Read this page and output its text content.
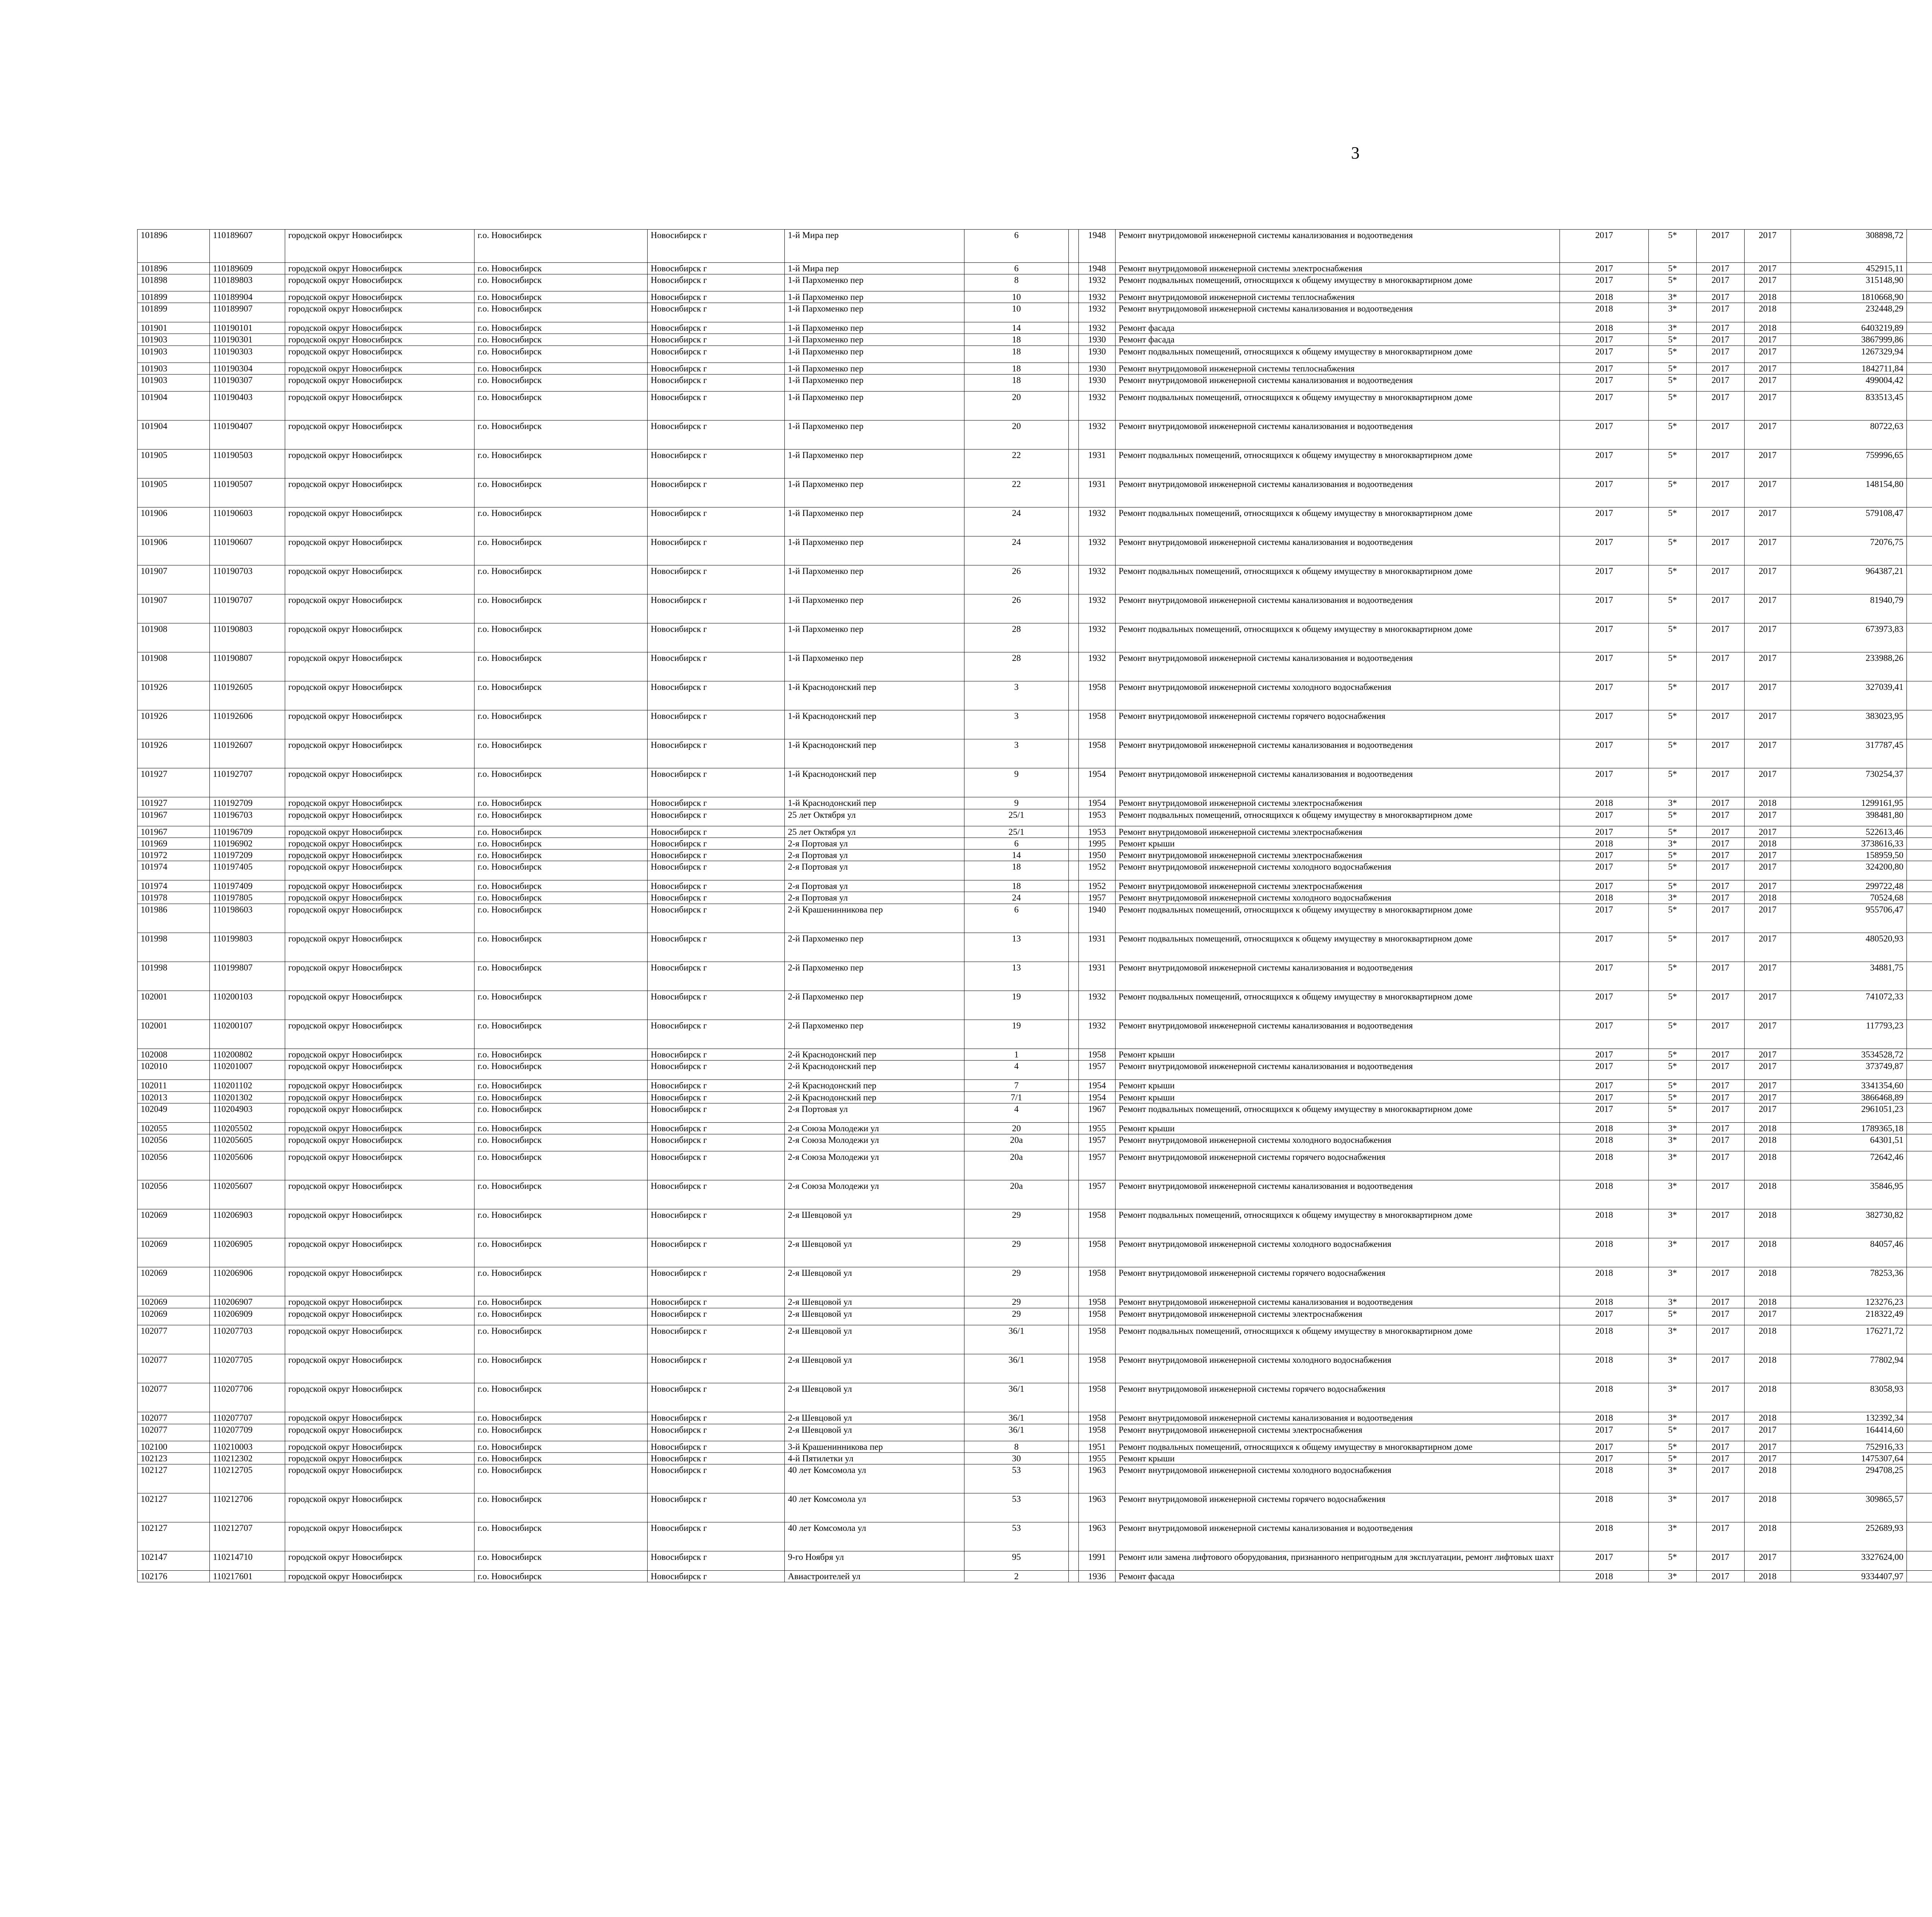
3
101896	110189607	городской округ Новосибирск	г.о. Новосибирск	Новосибирск г	1-й Мира пер	6		1948	Ремонт внутридомовой инженерной системы канализования и водоотведения	2017	5*	2017	2017	308898,72							
101896	110189609	городской округ Новосибирск	г.о. Новосибирск	Новосибирск г	1-й Мира пер	6		1948	Ремонт внутридомовой инженерной системы электроснабжения	2017	5*	2017	2017	452915,11							
101898	110189803	городской округ Новосибирск	г.о. Новосибирск	Новосибирск г	1-й Пархоменко пер	8		1932	Ремонт подвальных помещений, относящихся к общему имуществу в многоквартирном доме	2017	5*	2017	2017	315148,90							
101899	110189904	городской округ Новосибирск	г.о. Новосибирск	Новосибирск г	1-й Пархоменко пер	10		1932	Ремонт внутридомовой инженерной системы теплоснабжения	2018	3*	2017	2018	1810668,90							
101899	110189907	городской округ Новосибирск	г.о. Новосибирск	Новосибирск г	1-й Пархоменко пер	10		1932	Ремонт внутридомовой инженерной системы канализования и водоотведения	2018	3*	2017	2018	232448,29							
101901	110190101	городской округ Новосибирск	г.о. Новосибирск	Новосибирск г	1-й Пархоменко пер	14		1932	Ремонт фасада	2018	3*	2017	2018	6403219,89							
101903	110190301	городской округ Новосибирск	г.о. Новосибирск	Новосибирск г	1-й Пархоменко пер	18		1930	Ремонт фасада	2017	5*	2017	2017	3867999,86							
101903	110190303	городской округ Новосибирск	г.о. Новосибирск	Новосибирск г	1-й Пархоменко пер	18		1930	Ремонт подвальных помещений, относящихся к общему имуществу в многоквартирном доме	2017	5*	2017	2017	1267329,94							
101903	110190304	городской округ Новосибирск	г.о. Новосибирск	Новосибирск г	1-й Пархоменко пер	18		1930	Ремонт внутридомовой инженерной системы теплоснабжения	2017	5*	2017	2017	1842711,84							
101903	110190307	городской округ Новосибирск	г.о. Новосибирск	Новосибирск г	1-й Пархоменко пер	18		1930	Ремонт внутридомовой инженерной системы канализования и водоотведения	2017	5*	2017	2017	499004,42							
101904	110190403	городской округ Новосибирск	г.о. Новосибирск	Новосибирск г	1-й Пархоменко пер	20		1932	Ремонт подвальных помещений, относящихся к общему имуществу в многоквартирном доме	2017	5*	2017	2017	833513,45							
101904	110190407	городской округ Новосибирск	г.о. Новосибирск	Новосибирск г	1-й Пархоменко пер	20		1932	Ремонт внутридомовой инженерной системы канализования и водоотведения	2017	5*	2017	2017	80722,63							
101905	110190503	городской округ Новосибирск	г.о. Новосибирск	Новосибирск г	1-й Пархоменко пер	22		1931	Ремонт подвальных помещений, относящихся к общему имуществу в многоквартирном доме	2017	5*	2017	2017	759996,65							
101905	110190507	городской округ Новосибирск	г.о. Новосибирск	Новосибирск г	1-й Пархоменко пер	22		1931	Ремонт внутридомовой инженерной системы канализования и водоотведения	2017	5*	2017	2017	148154,80							
101906	110190603	городской округ Новосибирск	г.о. Новосибирск	Новосибирск г	1-й Пархоменко пер	24		1932	Ремонт подвальных помещений, относящихся к общему имуществу в многоквартирном доме	2017	5*	2017	2017	579108,47							
101906	110190607	городской округ Новосибирск	г.о. Новосибирск	Новосибирск г	1-й Пархоменко пер	24		1932	Ремонт внутридомовой инженерной системы канализования и водоотведения	2017	5*	2017	2017	72076,75							
101907	110190703	городской округ Новосибирск	г.о. Новосибирск	Новосибирск г	1-й Пархоменко пер	26		1932	Ремонт подвальных помещений, относящихся к общему имуществу в многоквартирном доме	2017	5*	2017	2017	964387,21							
101907	110190707	городской округ Новосибирск	г.о. Новосибирск	Новосибирск г	1-й Пархоменко пер	26		1932	Ремонт внутридомовой инженерной системы канализования и водоотведения	2017	5*	2017	2017	81940,79							
101908	110190803	городской округ Новосибирск	г.о. Новосибирск	Новосибирск г	1-й Пархоменко пер	28		1932	Ремонт подвальных помещений, относящихся к общему имуществу в многоквартирном доме	2017	5*	2017	2017	673973,83							
101908	110190807	городской округ Новосибирск	г.о. Новосибирск	Новосибирск г	1-й Пархоменко пер	28		1932	Ремонт внутридомовой инженерной системы канализования и водоотведения	2017	5*	2017	2017	233988,26							
101926	110192605	городской округ Новосибирск	г.о. Новосибирск	Новосибирск г	1-й Краснодонский пер	3		1958	Ремонт внутридомовой инженерной системы холодного водоснабжения	2017	5*	2017	2017	327039,41							
101926	110192606	городской округ Новосибирск	г.о. Новосибирск	Новосибирск г	1-й Краснодонский пер	3		1958	Ремонт внутридомовой инженерной системы горячего водоснабжения	2017	5*	2017	2017	383023,95							
101926	110192607	городской округ Новосибирск	г.о. Новосибирск	Новосибирск г	1-й Краснодонский пер	3		1958	Ремонт внутридомовой инженерной системы канализования и водоотведения	2017	5*	2017	2017	317787,45							
101927	110192707	городской округ Новосибирск	г.о. Новосибирск	Новосибирск г	1-й Краснодонский пер	9		1954	Ремонт внутридомовой инженерной системы канализования и водоотведения	2017	5*	2017	2017	730254,37							
101927	110192709	городской округ Новосибирск	г.о. Новосибирск	Новосибирск г	1-й Краснодонский пер	9		1954	Ремонт внутридомовой инженерной системы электроснабжения	2018	3*	2017	2018	1299161,95							
101967	110196703	городской округ Новосибирск	г.о. Новосибирск	Новосибирск г	25 лет Октября ул	25/1		1953	Ремонт подвальных помещений, относящихся к общему имуществу в многоквартирном доме	2017	5*	2017	2017	398481,80							
101967	110196709	городской округ Новосибирск	г.о. Новосибирск	Новосибирск г	25 лет Октября ул	25/1		1953	Ремонт внутридомовой инженерной системы электроснабжения	2017	5*	2017	2017	522613,46							
101969	110196902	городской округ Новосибирск	г.о. Новосибирск	Новосибирск г	2-я Портовая ул	6		1995	Ремонт крыши	2018	3*	2017	2018	3738616,33							
101972	110197209	городской округ Новосибирск	г.о. Новосибирск	Новосибирск г	2-я Портовая ул	14		1950	Ремонт внутридомовой инженерной системы электроснабжения	2017	5*	2017	2017	158959,50							
101974	110197405	городской округ Новосибирск	г.о. Новосибирск	Новосибирск г	2-я Портовая ул	18		1952	Ремонт внутридомовой инженерной системы холодного водоснабжения	2017	5*	2017	2017	324200,80							
101974	110197409	городской округ Новосибирск	г.о. Новосибирск	Новосибирск г	2-я Портовая ул	18		1952	Ремонт внутридомовой инженерной системы электроснабжения	2017	5*	2017	2017	299722,48							
101978	110197805	городской округ Новосибирск	г.о. Новосибирск	Новосибирск г	2-я Портовая ул	24		1957	Ремонт внутридомовой инженерной системы холодного водоснабжения	2018	3*	2017	2018	70524,68							
101986	110198603	городской округ Новосибирск	г.о. Новосибирск	Новосибирск г	2-й Крашенинникова пер	6		1940	Ремонт подвальных помещений, относящихся к общему имуществу в многоквартирном доме	2017	5*	2017	2017	955706,47							
101998	110199803	городской округ Новосибирск	г.о. Новосибирск	Новосибирск г	2-й Пархоменко пер	13		1931	Ремонт подвальных помещений, относящихся к общему имуществу в многоквартирном доме	2017	5*	2017	2017	480520,93							
101998	110199807	городской округ Новосибирск	г.о. Новосибирск	Новосибирск г	2-й Пархоменко пер	13		1931	Ремонт внутридомовой инженерной системы канализования и водоотведения	2017	5*	2017	2017	34881,75							
102001	110200103	городской округ Новосибирск	г.о. Новосибирск	Новосибирск г	2-й Пархоменко пер	19		1932	Ремонт подвальных помещений, относящихся к общему имуществу в многоквартирном доме	2017	5*	2017	2017	741072,33							
102001	110200107	городской округ Новосибирск	г.о. Новосибирск	Новосибирск г	2-й Пархоменко пер	19		1932	Ремонт внутридомовой инженерной системы канализования и водоотведения	2017	5*	2017	2017	117793,23							
102008	110200802	городской округ Новосибирск	г.о. Новосибирск	Новосибирск г	2-й Краснодонский пер	1		1958	Ремонт крыши	2017	5*	2017	2017	3534528,72							
102010	110201007	городской округ Новосибирск	г.о. Новосибирск	Новосибирск г	2-й Краснодонский пер	4		1957	Ремонт внутридомовой инженерной системы канализования и водоотведения	2017	5*	2017	2017	373749,87							
102011	110201102	городской округ Новосибирск	г.о. Новосибирск	Новосибирск г	2-й Краснодонский пер	7		1954	Ремонт крыши	2017	5*	2017	2017	3341354,60							
102013	110201302	городской округ Новосибирск	г.о. Новосибирск	Новосибирск г	2-й Краснодонский пер	7/1		1954	Ремонт крыши	2017	5*	2017	2017	3866468,89							
102049	110204903	городской округ Новосибирск	г.о. Новосибирск	Новосибирск г	2-я Портовая ул	4		1967	Ремонт подвальных помещений, относящихся к общему имуществу в многоквартирном доме	2017	5*	2017	2017	2961051,23							
102055	110205502	городской округ Новосибирск	г.о. Новосибирск	Новосибирск г	2-я Союза Молодежи ул	20		1955	Ремонт крыши	2018	3*	2017	2018	1789365,18							
102056	110205605	городской округ Новосибирск	г.о. Новосибирск	Новосибирск г	2-я Союза Молодежи ул	20а		1957	Ремонт внутридомовой инженерной системы холодного водоснабжения	2018	3*	2017	2018	64301,51							
102056	110205606	городской округ Новосибирск	г.о. Новосибирск	Новосибирск г	2-я Союза Молодежи ул	20а		1957	Ремонт внутридомовой инженерной системы горячего водоснабжения	2018	3*	2017	2018	72642,46							
102056	110205607	городской округ Новосибирск	г.о. Новосибирск	Новосибирск г	2-я Союза Молодежи ул	20а		1957	Ремонт внутридомовой инженерной системы канализования и водоотведения	2018	3*	2017	2018	35846,95							
102069	110206903	городской округ Новосибирск	г.о. Новосибирск	Новосибирск г	2-я Шевцовой ул	29		1958	Ремонт подвальных помещений, относящихся к общему имуществу в многоквартирном доме	2018	3*	2017	2018	382730,82							
102069	110206905	городской округ Новосибирск	г.о. Новосибирск	Новосибирск г	2-я Шевцовой ул	29		1958	Ремонт внутридомовой инженерной системы холодного водоснабжения	2018	3*	2017	2018	84057,46							
102069	110206906	городской округ Новосибирск	г.о. Новосибирск	Новосибирск г	2-я Шевцовой ул	29		1958	Ремонт внутридомовой инженерной системы горячего водоснабжения	2018	3*	2017	2018	78253,36							
102069	110206907	городской округ Новосибирск	г.о. Новосибирск	Новосибирск г	2-я Шевцовой ул	29		1958	Ремонт внутридомовой инженерной системы канализования и водоотведения	2018	3*	2017	2018	123276,23							
102069	110206909	городской округ Новосибирск	г.о. Новосибирск	Новосибирск г	2-я Шевцовой ул	29		1958	Ремонт внутридомовой инженерной системы электроснабжения	2017	5*	2017	2017	218322,49							
102077	110207703	городской округ Новосибирск	г.о. Новосибирск	Новосибирск г	2-я Шевцовой ул	36/1		1958	Ремонт подвальных помещений, относящихся к общему имуществу в многоквартирном доме	2018	3*	2017	2018	176271,72							
102077	110207705	городской округ Новосибирск	г.о. Новосибирск	Новосибирск г	2-я Шевцовой ул	36/1		1958	Ремонт внутридомовой инженерной системы холодного водоснабжения	2018	3*	2017	2018	77802,94							
102077	110207706	городской округ Новосибирск	г.о. Новосибирск	Новосибирск г	2-я Шевцовой ул	36/1		1958	Ремонт внутридомовой инженерной системы горячего водоснабжения	2018	3*	2017	2018	83058,93							
102077	110207707	городской округ Новосибирск	г.о. Новосибирск	Новосибирск г	2-я Шевцовой ул	36/1		1958	Ремонт внутридомовой инженерной системы канализования и водоотведения	2018	3*	2017	2018	132392,34							
102077	110207709	городской округ Новосибирск	г.о. Новосибирск	Новосибирск г	2-я Шевцовой ул	36/1		1958	Ремонт внутридомовой инженерной системы электроснабжения	2017	5*	2017	2017	164414,60							
102100	110210003	городской округ Новосибирск	г.о. Новосибирск	Новосибирск г	3-й Крашенинникова пер	8		1951	Ремонт подвальных помещений, относящихся к общему имуществу в многоквартирном доме	2017	5*	2017	2017	752916,33							
102123	110212302	городской округ Новосибирск	г.о. Новосибирск	Новосибирск г	4-й Пятилетки ул	30		1955	Ремонт крыши	2017	5*	2017	2017	1475307,64							
102127	110212705	городской округ Новосибирск	г.о. Новосибирск	Новосибирск г	40 лет Комсомола ул	53		1963	Ремонт внутридомовой инженерной системы холодного водоснабжения	2018	3*	2017	2018	294708,25							
102127	110212706	городской округ Новосибирск	г.о. Новосибирск	Новосибирск г	40 лет Комсомола ул	53		1963	Ремонт внутридомовой инженерной системы горячего водоснабжения	2018	3*	2017	2018	309865,57							
102127	110212707	городской округ Новосибирск	г.о. Новосибирск	Новосибирск г	40 лет Комсомола ул	53		1963	Ремонт внутридомовой инженерной системы канализования и водоотведения	2018	3*	2017	2018	252689,93							
102147	110214710	городской округ Новосибирск	г.о. Новосибирск	Новосибирск г	9-го Ноября ул	95		1991	Ремонт или замена лифтового оборудования, признанного непригодным для эксплуатации, ремонт лифтовых шахт	2017	5*	2017	2017	3327624,00							
102176	110217601	городской округ Новосибирск	г.о. Новосибирск	Новосибирск г	Авиастроителей ул	2		1936	Ремонт фасада	2018	3*	2017	2018	9334407,97							
